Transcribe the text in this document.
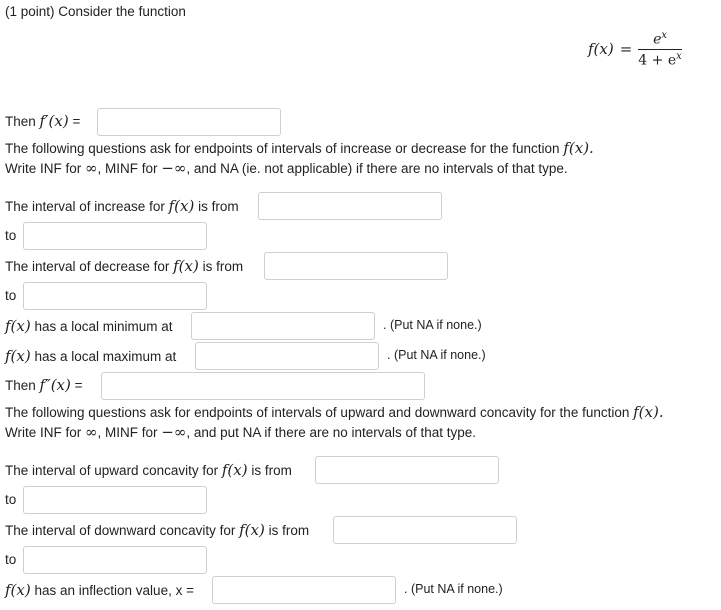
(1 point) Consider the function
$f(x) = \frac{e^x}{4 + e^x}$
Then f′(x) =
The following questions ask for endpoints of intervals of increase or decrease for the function f(x).
Write INF for ∞, MINF for −∞, and NA (ie. not applicable) if there are no intervals of that type.
The interval of increase for f(x) is from
to
The interval of decrease for f(x) is from
to
f(x) has a local minimum at	. (Put NA if none.)
f(x) has a local maximum at	. (Put NA if none.)
Then f″(x) =
The following questions ask for endpoints of intervals of upward and downward concavity for the function f(x).
Write INF for ∞, MINF for −∞, and put NA if there are no intervals of that type.
The interval of upward concavity for f(x) is from
to
The interval of downward concavity for f(x) is from
to
f(x) has an inflection value, x =	. (Put NA if none.)
